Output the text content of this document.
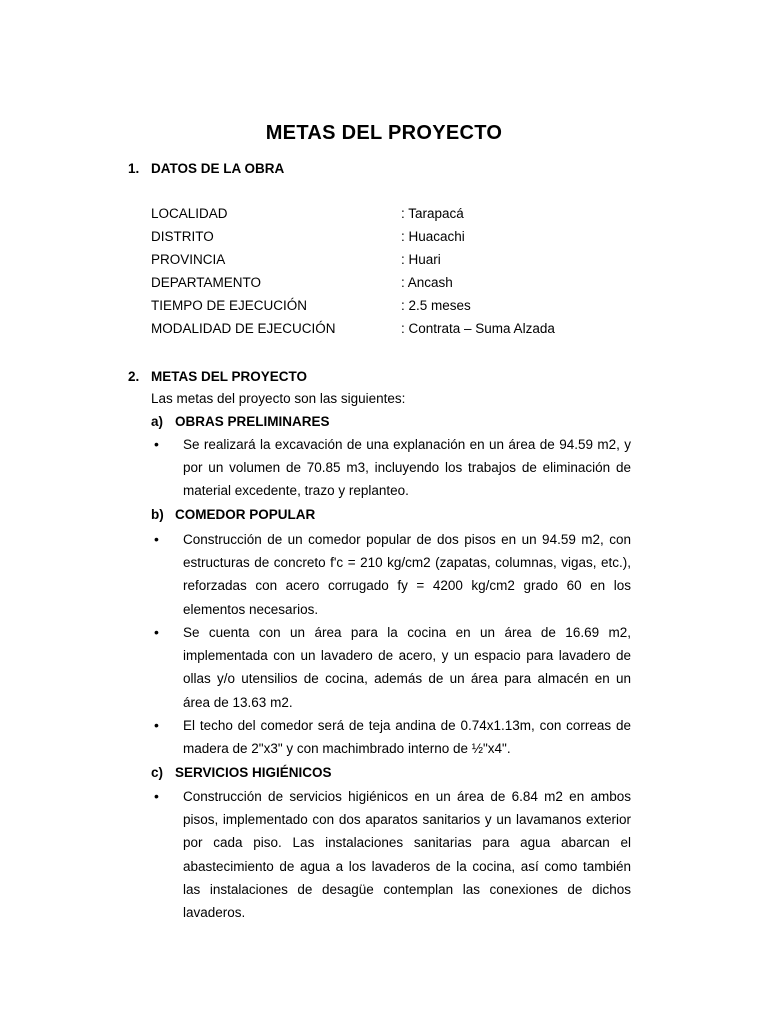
METAS DEL PROYECTO
1. DATOS DE LA OBRA
LOCALIDAD	: Tarapacá
DISTRITO	: Huacachi
PROVINCIA	: Huari
DEPARTAMENTO	: Ancash
TIEMPO DE EJECUCIÓN	: 2.5 meses
MODALIDAD DE EJECUCIÓN	: Contrata – Suma Alzada
2. METAS DEL PROYECTO
Las metas del proyecto son las siguientes:
a) OBRAS PRELIMINARES
• Se realizará la excavación de una explanación en un área de 94.59 m2, y por un volumen de 70.85 m3, incluyendo los trabajos de eliminación de material excedente, trazo y replanteo.
b) COMEDOR POPULAR
• Construcción de un comedor popular de dos pisos en un 94.59 m2, con estructuras de concreto f'c = 210 kg/cm2 (zapatas, columnas, vigas, etc.), reforzadas con acero corrugado fy = 4200 kg/cm2 grado 60 en los elementos necesarios.
• Se cuenta con un área para la cocina en un área de 16.69 m2, implementada con un lavadero de acero, y un espacio para lavadero de ollas y/o utensilios de cocina, además de un área para almacén en un área de 13.63 m2.
• El techo del comedor será de teja andina de 0.74x1.13m, con correas de madera de 2"x3" y con machimbrado interno de ½"x4".
c) SERVICIOS HIGIÉNICOS
• Construcción de servicios higiénicos en un área de 6.84 m2 en ambos pisos, implementado con dos aparatos sanitarios y un lavamanos exterior por cada piso. Las instalaciones sanitarias para agua abarcan el abastecimiento de agua a los lavaderos de la cocina, así como también las instalaciones de desagüe contemplan las conexiones de dichos lavaderos.
